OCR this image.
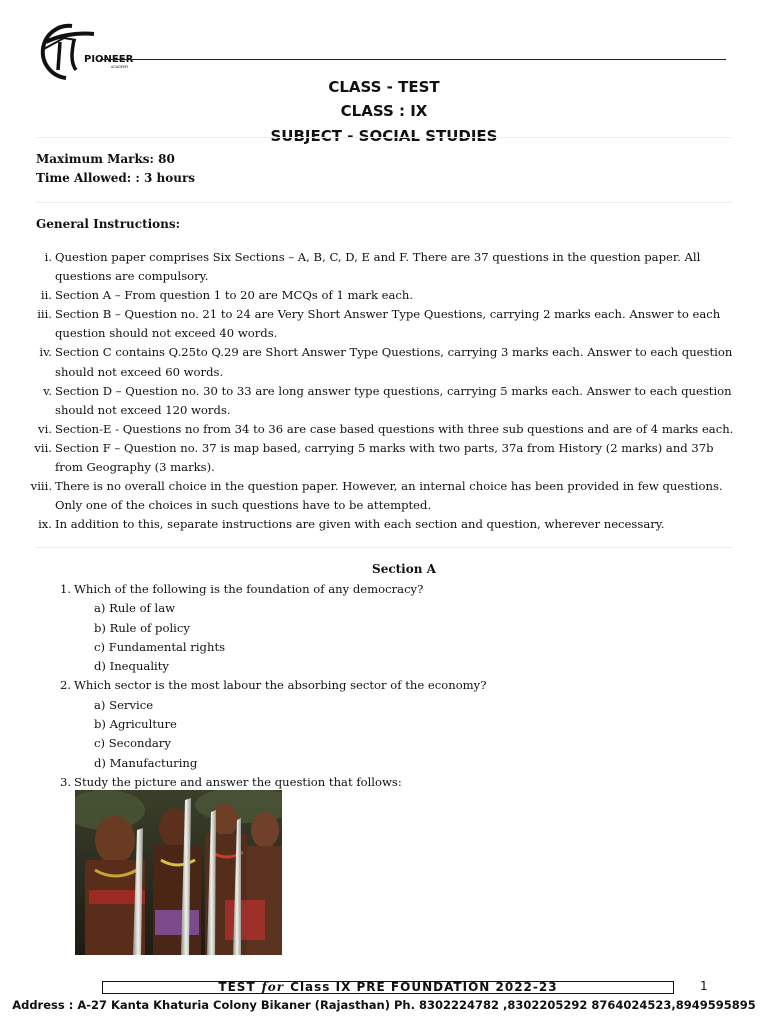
PIONEER
ACADEMY
CLASS - TEST
CLASS : IX
SUBJECT - SOCIAL STUDIES
Maximum Marks: 80
Time Allowed: : 3 hours
General Instructions:
i. Question paper comprises Six Sections – A, B, C, D, E and F. There are 37 questions in the question paper. All questions are compulsory.
ii. Section A – From question 1 to 20 are MCQs of 1 mark each.
iii. Section B – Question no. 21 to 24 are Very Short Answer Type Questions, carrying 2 marks each. Answer to each question should not exceed 40 words.
iv. Section C contains Q.25to Q.29 are Short Answer Type Questions, carrying 3 marks each. Answer to each question should not exceed 60 words.
v. Section D – Question no. 30 to 33 are long answer type questions, carrying 5 marks each. Answer to each question should not exceed 120 words.
vi. Section-E - Questions no from 34 to 36 are case based questions with three sub questions and are of 4 marks each.
vii. Section F – Question no. 37 is map based, carrying 5 marks with two parts, 37a from History (2 marks) and 37b from Geography (3 marks).
viii. There is no overall choice in the question paper. However, an internal choice has been provided in few questions. Only one of the choices in such questions have to be attempted.
ix. In addition to this, separate instructions are given with each section and question, wherever necessary.
Section A
1. Which of the following is the foundation of any democracy?
a) Rule of law
b) Rule of policy
c) Fundamental rights
d) Inequality
2. Which sector is the most labour the absorbing sector of the economy?
a) Service
b) Agriculture
c) Secondary
d) Manufacturing
3. Study the picture and answer the question that follows:
TEST for Class IX PRE FOUNDATION 2022-23	1
Address : A-27 Kanta Khaturia Colony Bikaner (Rajasthan) Ph. 8302224782 ,8302205292 8764024523,8949595895
